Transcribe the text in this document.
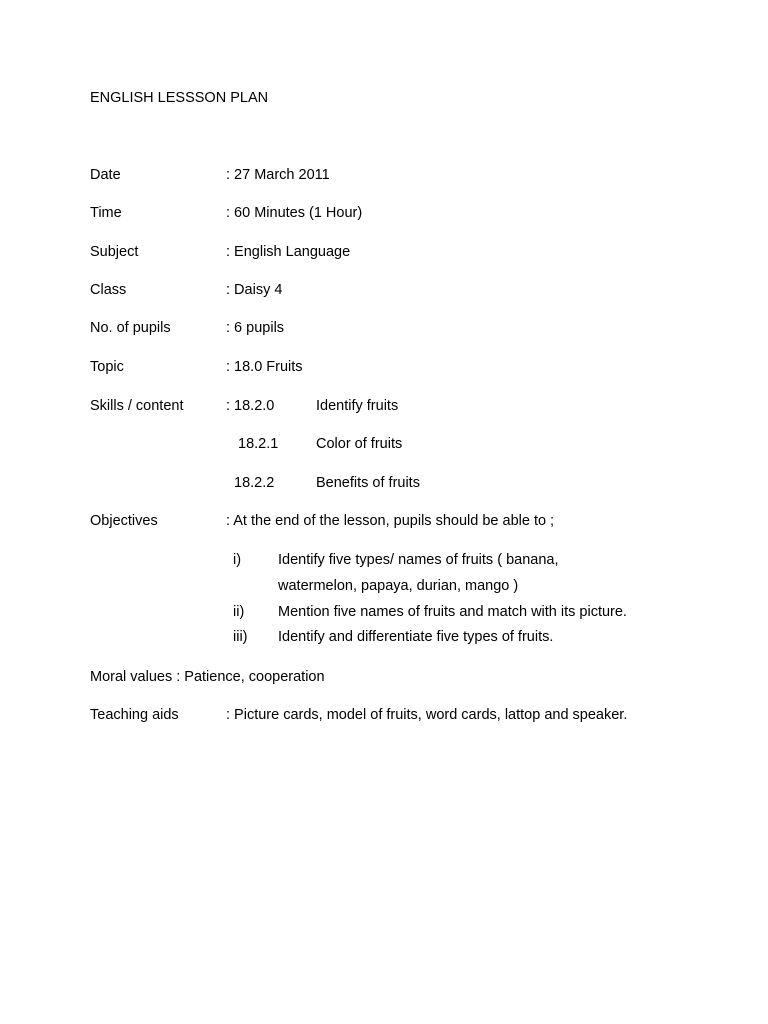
ENGLISH LESSSON PLAN
Date	: 27 March 2011
Time	: 60 Minutes (1 Hour)
Subject	: English Language
Class	: Daisy 4
No. of pupils	: 6 pupils
Topic	: 18.0 Fruits
Skills / content	: 18.2.0	Identify fruits
18.2.1	Color of fruits
18.2.2	Benefits of fruits
Objectives	: At the end of the lesson, pupils should be able to ;
i)	Identify five types/ names of fruits ( banana,
watermelon, papaya, durian, mango )
ii) Mention five names of fruits and match with its picture.
iii) Identify and differentiate five types of fruits.
Moral values : Patience, cooperation
Teaching aids	: Picture cards, model of fruits, word cards, lattop and speaker.
